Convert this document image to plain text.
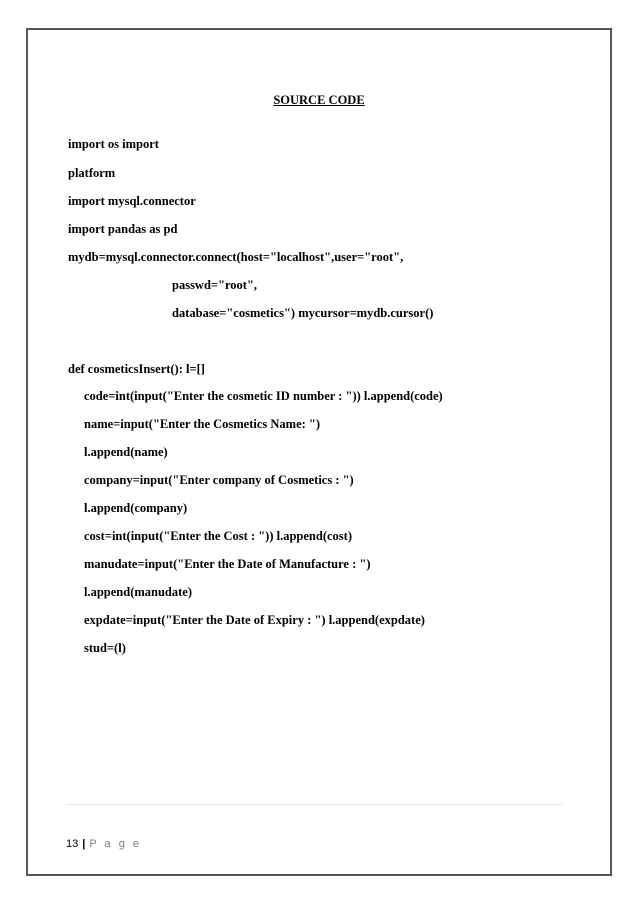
SOURCE CODE
import os import
platform
import mysql.connector
import pandas as pd
mydb=mysql.connector.connect(host="localhost",user="root",
passwd="root",
database="cosmetics") mycursor=mydb.cursor()
def cosmeticsInsert(): l=[]
code=int(input("Enter the cosmetic ID number : ")) l.append(code)
name=input("Enter the Cosmetics Name: ")
l.append(name)
company=input("Enter company of Cosmetics : ")
l.append(company)
cost=int(input("Enter the Cost : ")) l.append(cost)
manudate=input("Enter the Date of Manufacture : ")
l.append(manudate)
expdate=input("Enter the Date of Expiry : ") l.append(expdate)
stud=(l)
13 | P a g e
